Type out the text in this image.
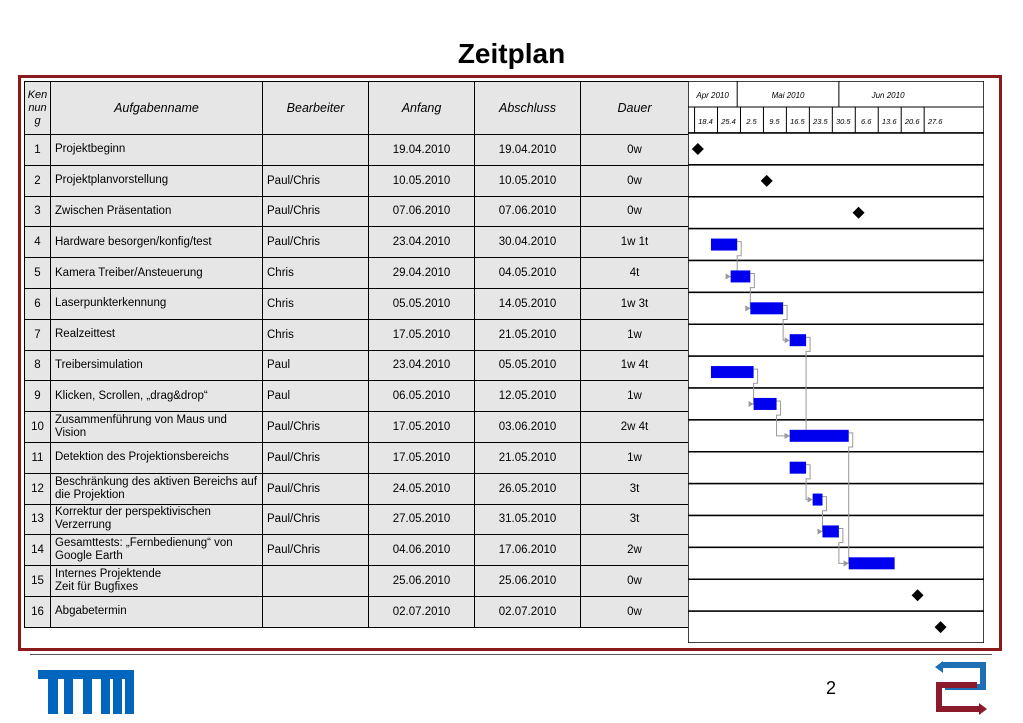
Zeitplan
Ken
nun
g	Aufgabenname	Bearbeiter	Anfang	Abschluss	Dauer
1	Projektbeginn		19.04.2010	19.04.2010	0w
2	Projektplanvorstellung	Paul/Chris	10.05.2010	10.05.2010	0w
3	Zwischen Präsentation	Paul/Chris	07.06.2010	07.06.2010	0w
4	Hardware besorgen/konfig/test	Paul/Chris	23.04.2010	30.04.2010	1w 1t
5	Kamera Treiber/Ansteuerung	Chris	29.04.2010	04.05.2010	4t
6	Laserpunkterkennung	Chris	05.05.2010	14.05.2010	1w 3t
7	Realzeittest	Chris	17.05.2010	21.05.2010	1w
8	Treibersimulation	Paul	23.04.2010	05.05.2010	1w 4t
9	Klicken, Scrollen, „drag&drop“	Paul	06.05.2010	12.05.2010	1w
10	Zusammenführung von Maus und Vision	Paul/Chris	17.05.2010	03.06.2010	2w 4t
11	Detektion des Projektionsbereichs	Paul/Chris	17.05.2010	21.05.2010	1w
12	Beschränkung des aktiven Bereichs auf die Projektion	Paul/Chris	24.05.2010	26.05.2010	3t
13	Korrektur der perspektivischen Verzerrung	Paul/Chris	27.05.2010	31.05.2010	3t
14	Gesamttests: „Fernbedienung“ von Google Earth	Paul/Chris	04.06.2010	17.06.2010	2w
15	Internes Projektende
Zeit für Bugfixes		25.06.2010	25.06.2010	0w
16	Abgabetermin		02.07.2010	02.07.2010	0w
Apr 2010	Mai 2010	Jun 2010
18.4 25.4 2.5 9.5 16.5 23.5 30.5 6.6 13.6 20.6 27.6
2
